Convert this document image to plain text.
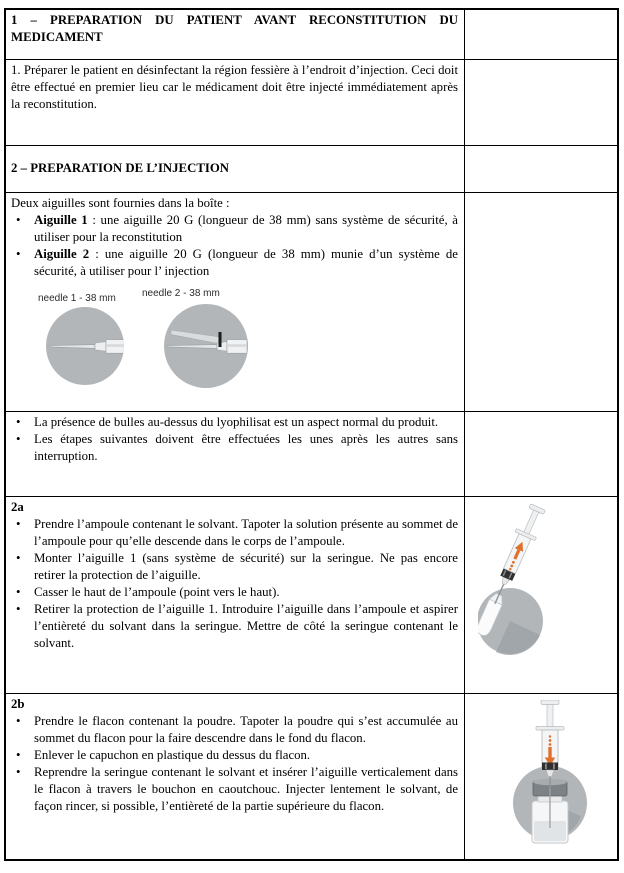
1 – PREPARATION DU PATIENT AVANT RECONSTITUTION DU MEDICAMENT
1. Préparer le patient en désinfectant la région fessière à l’endroit d’injection. Ceci doit être effectué en premier lieu car le médicament doit être injecté immédiatement après la reconstitution.
2 – PREPARATION DE L’INJECTION
Deux aiguilles sont fournies dans la boîte :
• Aiguille 1 : une aiguille 20 G (longueur de 38 mm) sans système de sécurité, à utiliser pour la reconstitution
• Aiguille 2 : une aiguille 20 G (longueur de 38 mm) munie d’un système de sécurité, à utiliser pour l’ injection
needle 1 - 38 mm	needle 2 - 38 mm
• La présence de bulles au-dessus du lyophilisat est un aspect normal du produit.
• Les étapes suivantes doivent être effectuées les unes après les autres sans interruption.
2a
• Prendre l’ampoule contenant le solvant. Tapoter la solution présente au sommet de l’ampoule pour qu’elle descende dans le corps de l’ampoule.
• Monter l’aiguille 1 (sans système de sécurité) sur la seringue. Ne pas encore retirer la protection de l’aiguille.
• Casser le haut de l’ampoule (point vers le haut).
• Retirer la protection de l’aiguille 1. Introduire l’aiguille dans l’ampoule et aspirer l’entièreté du solvant dans la seringue. Mettre de côté la seringue contenant le solvant.
2b
• Prendre le flacon contenant la poudre. Tapoter la poudre qui s’est accumulée au sommet du flacon pour la faire descendre dans le fond du flacon.
• Enlever le capuchon en plastique du dessus du flacon.
• Reprendre la seringue contenant le solvant et insérer l’aiguille verticalement dans le flacon à travers le bouchon en caoutchouc. Injecter lentement le solvant, de façon rincer, si possible, l’entièreté de la partie supérieure du flacon.
